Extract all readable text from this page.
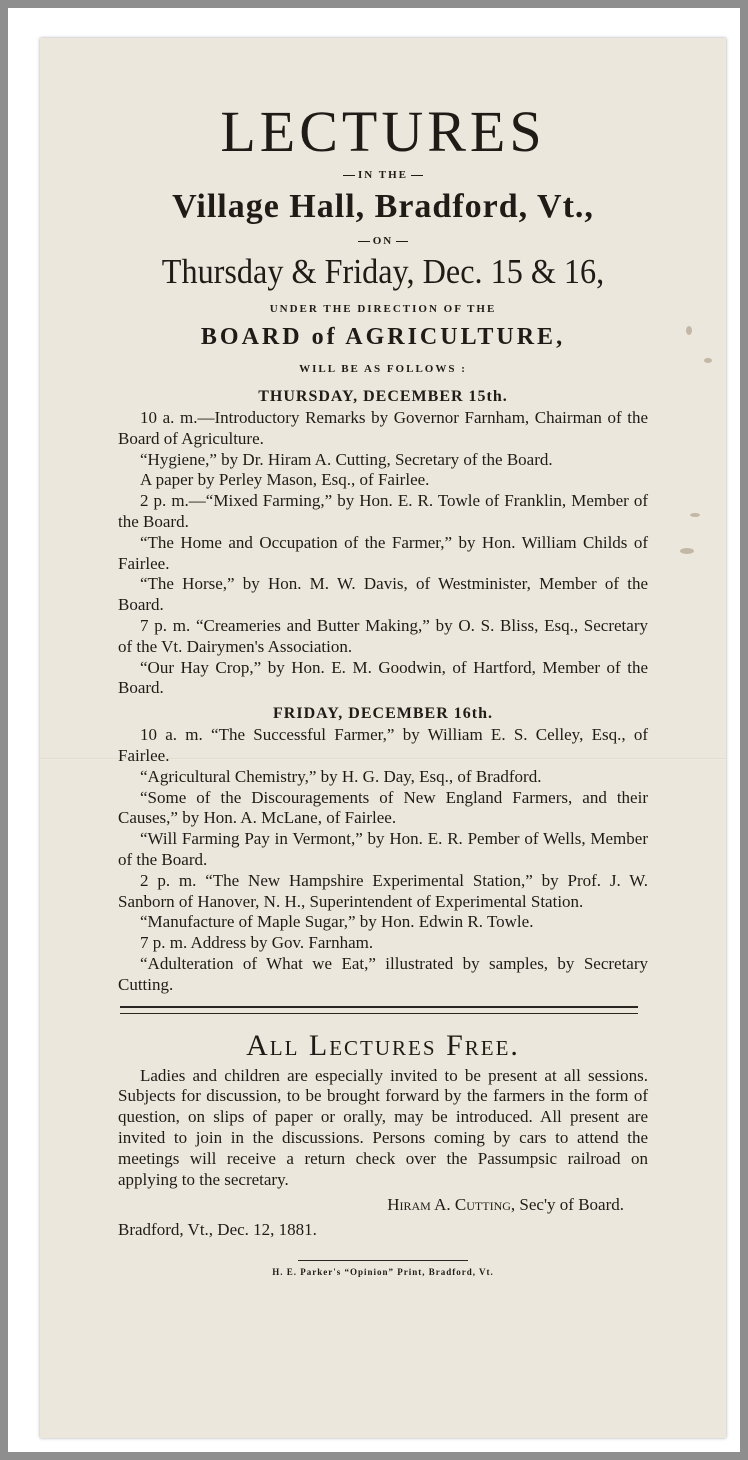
LECTURES
IN THE
Village Hall, Bradford, Vt.,
ON
Thursday & Friday, Dec. 15 & 16,
UNDER THE DIRECTION OF THE
BOARD of AGRICULTURE,
WILL BE AS FOLLOWS :
THURSDAY, DECEMBER 15th.

10 a. m.—Introductory Remarks by Governor Farnham, Chairman of the Board of Agriculture.

“Hygiene,” by Dr. Hiram A. Cutting, Secretary of the Board.

A paper by Perley Mason, Esq., of Fairlee.

2 p. m.—“Mixed Farming,” by Hon. E. R. Towle of Franklin, Member of the Board.

“The Home and Occupation of the Farmer,” by Hon. William Childs of Fairlee.

“The Horse,” by Hon. M. W. Davis, of Westminister, Member of the Board.

7 p. m. “Creameries and Butter Making,” by O. S. Bliss, Esq., Secretary of the Vt. Dairymen's Association.

“Our Hay Crop,” by Hon. E. M. Goodwin, of Hartford, Member of the Board.

FRIDAY, DECEMBER 16th.

10 a. m. “The Successful Farmer,” by William E. S. Celley, Esq., of Fairlee.

“Agricultural Chemistry,” by H. G. Day, Esq., of Bradford.

“Some of the Discouragements of New England Farmers, and their Causes,” by Hon. A. McLane, of Fairlee.

“Will Farming Pay in Vermont,” by Hon. E. R. Pember of Wells, Member of the Board.

2 p. m. “The New Hampshire Experimental Station,” by Prof. J. W. Sanborn of Hanover, N. H., Superintendent of Experimental Station.

“Manufacture of Maple Sugar,” by Hon. Edwin R. Towle.

7 p. m. Address by Gov. Farnham.

“Adulteration of What we Eat,” illustrated by samples, by Secretary Cutting.

All Lectures Free.

Ladies and children are especially invited to be present at all sessions. Subjects for discussion, to be brought forward by the farmers in the form of question, on slips of paper or orally, may be introduced. All present are invited to join in the discussions. Persons coming by cars to attend the meetings will receive a return check over the Passumpsic railroad on applying to the secretary.

Hiram A. Cutting, Sec'y of Board.
Bradford, Vt., Dec. 12, 1881.
H. E. Parker's “Opinion” Print, Bradford, Vt.
